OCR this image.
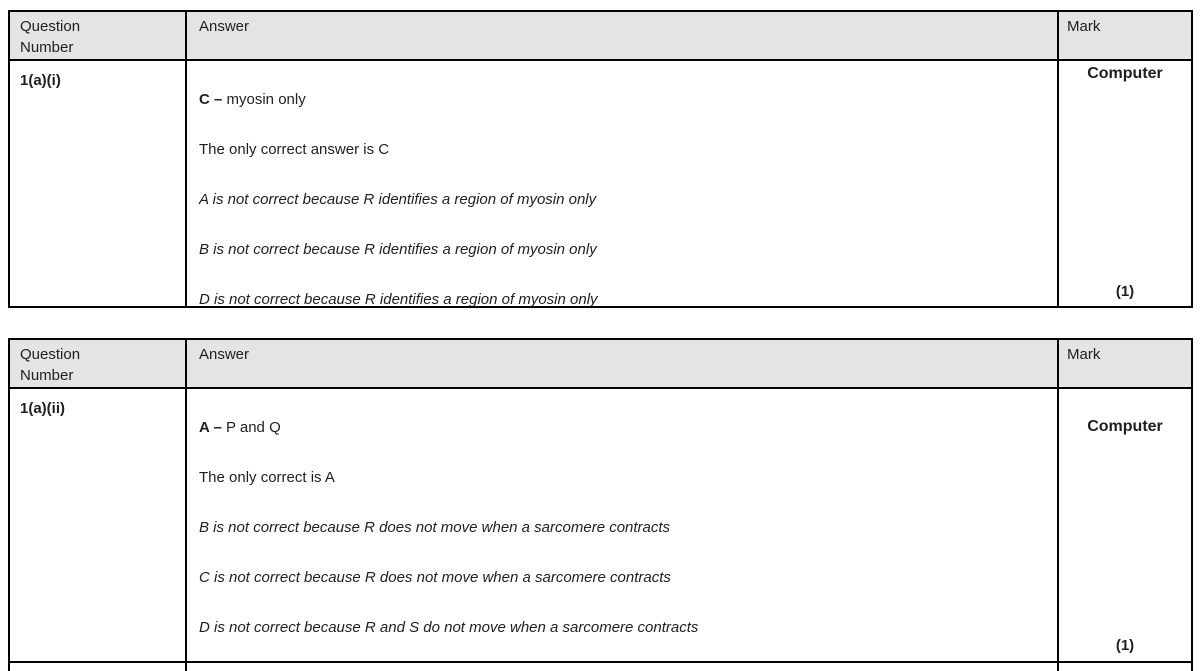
Question Number
Answer	Mark
1(a)(i)

C – myosin only

The only correct answer is C

A is not correct because R identifies a region of myosin only

B is not correct because R identifies a region of myosin only

D is not correct because R identifies a region of myosin only

Computer
(1)
Question Number
Answer	Mark
1(a)(ii)

A – P and Q

The only correct is A

B is not correct because R does not move when a sarcomere contracts

C is not correct because R does not move when a sarcomere contracts

D is not correct because R and S do not move when a sarcomere contracts

Computer
(1)
